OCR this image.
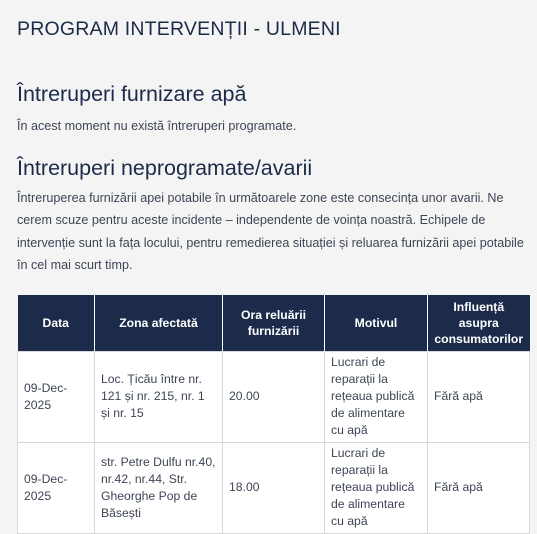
PROGRAM INTERVENȚII - ULMENI
Întreruperi furnizare apă

În acest moment nu există întreruperi programate.

Întreruperi neprogramate/avarii

Întreruperea furnizării apei potabile în următoarele zone este consecința unor avarii. Ne cerem scuze pentru aceste incidente – independente de voința noastră. Echipele de intervenție sunt la fața locului, pentru remedierea situației și reluarea furnizării apei potabile în cel mai scurt timp.

Data	Zona afectată	Ora reluării furnizării	Motivul	Influență asupra consumatorilor
09-Dec-2025	Loc. Țicău între nr. 121 și nr. 215, nr. 1 și nr. 15	20.00	Lucrari de reparații la rețeaua publică de alimentare cu apă	Fără apă
09-Dec-2025	str. Petre Dulfu nr.40, nr.42, nr.44, Str. Gheorghe Pop de Băsești	18.00	Lucrari de reparații la rețeaua publică de alimentare cu apă	Fără apă
